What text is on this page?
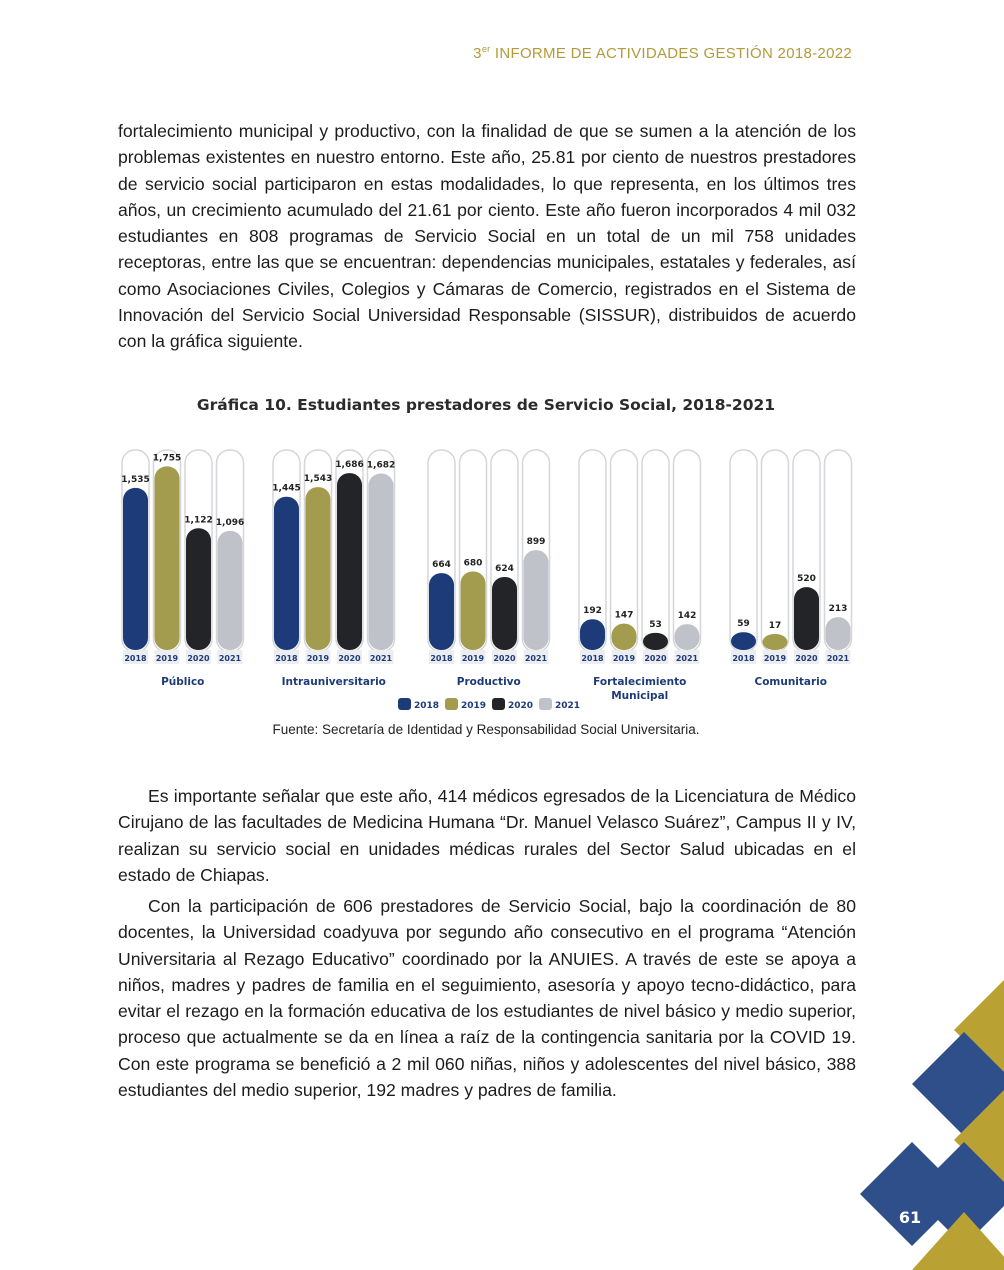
3er INFORME DE ACTIVIDADES GESTIÓN 2018-2022

fortalecimiento municipal y productivo, con la finalidad de que se sumen a la atención de los problemas existentes en nuestro entorno. Este año, 25.81 por ciento de nuestros prestadores de servicio social participaron en estas modalidades, lo que representa, en los últimos tres años, un crecimiento acumulado del 21.61 por ciento. Este año fueron incorporados 4 mil 032 estudiantes en 808 programas de Servicio Social en un total de un mil 758 unidades receptoras, entre las que se encuentran: dependencias municipales, estatales y federales, así como Asociaciones Civiles, Colegios y Cámaras de Comercio, registrados en el Sistema de Innovación del Servicio Social Universidad Responsable (SISSUR), distribuidos de acuerdo con la gráfica siguiente.

Gráfica 10. Estudiantes prestadores de Servicio Social, 2018-2021
1,535
2018
1,755
2019
1,122
2020
1,096
2021
Público
1,445
2018
1,543
2019
1,686
2020
1,682
2021
Intrauniversitario
664
2018
680
2019
624
2020
899
2021
Productivo
192
2018
147
2019
53
2020
142
2021
Fortalecimiento
Municipal
59
2018
17
2019
520
2020
213
2021
Comunitario
2018 2019 2020 2021
Fuente: Secretaría de Identidad y Responsabilidad Social Universitaria.

Es importante señalar que este año, 414 médicos egresados de la Licenciatura de Médico Cirujano de las facultades de Medicina Humana “Dr. Manuel Velasco Suárez”, Campus II y IV, realizan su servicio social en unidades médicas rurales del Sector Salud ubicadas en el estado de Chiapas.

Con la participación de 606 prestadores de Servicio Social, bajo la coordinación de 80 docentes, la Universidad coadyuva por segundo año consecutivo en el programa “Atención Universitaria al Rezago Educativo” coordinado por la ANUIES. A través de este se apoya a niños, madres y padres de familia en el seguimiento, asesoría y apoyo tecno-didáctico, para evitar el rezago en la formación educativa de los estudiantes de nivel básico y medio superior, proceso que actualmente se da en línea a raíz de la contingencia sanitaria por la COVID 19. Con este programa se benefició a 2 mil 060 niñas, niños y adolescentes del nivel básico, 388 estudiantes del medio superior, 192 madres y padres de familia.

61
